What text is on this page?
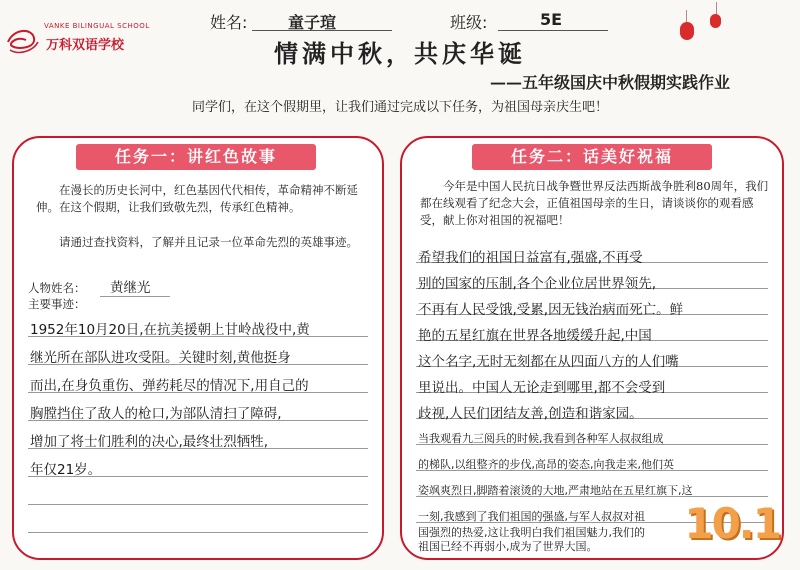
VANKE BILINGUAL SCHOOL
万科双语学校
姓名:	童子瑄	班级:	5E
情满中秋，共庆华诞
——五年级国庆中秋假期实践作业
同学们，在这个假期里，让我们通过完成以下任务，为祖国母亲庆生吧！
任务一：讲红色故事
在漫长的历史长河中，红色基因代代相传，革命精神不断延伸。在这个假期，让我们致敬先烈，传承红色精神。
请通过查找资料，了解并且记录一位革命先烈的英雄事迹。
人物姓名： 黄继光
主要事迹：
1952年10月20日,在抗美援朝上甘岭战役中,黄
继光所在部队进攻受阻。关键时刻,黄他挺身
而出,在身负重伤、弹药耗尽的情况下,用自己的
胸膛挡住了敌人的枪口,为部队清扫了障碍,
增加了将士们胜利的决心,最终壮烈牺牲,
年仅21岁。
任务二：话美好祝福
今年是中国人民抗日战争暨世界反法西斯战争胜利80周年，我们都在线观看了纪念大会，正值祖国母亲的生日，请谈谈你的观看感受，献上你对祖国的祝福吧！
希望我们的祖国日益富有,强盛,不再受
别的国家的压制,各个企业位居世界领先,
不再有人民受饿,受累,因无钱治病而死亡。鲜
艳的五星红旗在世界各地缓缓升起,中国
这个名字,无时无刻都在从四面八方的人们嘴
里说出。中国人无论走到哪里,都不会受到
歧视,人民们团结友善,创造和谐家园。
当我观看九三阅兵的时候,我看到各种军人叔叔组成
的梯队,以组整齐的步伐,高昂的姿态,向我走来,他们英
姿飒爽烈日,脚踏着滚烫的大地,严肃地站在五星红旗下,这
一刻,我感到了我们祖国的强盛,与军人叔叔对祖
国强烈的热爱,这让我明白我们祖国魅力,我们的
祖国已经不再弱小,成为了世界大国。	10.1
